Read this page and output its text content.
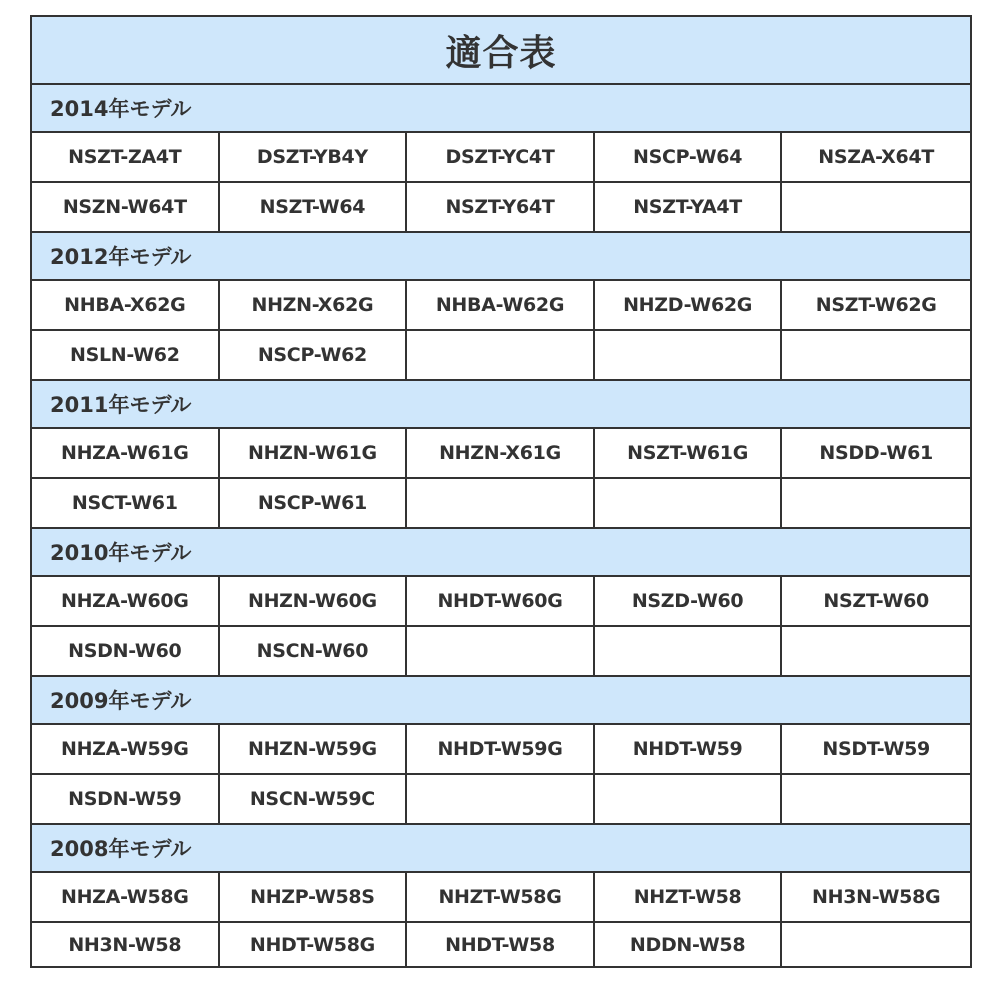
適合表
2014年モデル
NSZT-ZA4T	DSZT-YB4Y	DSZT-YC4T	NSCP-W64	NSZA-X64T
NSZN-W64T	NSZT-W64	NSZT-Y64T	NSZT-YA4T
2012年モデル
NHBA-X62G	NHZN-X62G	NHBA-W62G	NHZD-W62G	NSZT-W62G
NSLN-W62	NSCP-W62
2011年モデル
NHZA-W61G	NHZN-W61G	NHZN-X61G	NSZT-W61G	NSDD-W61
NSCT-W61	NSCP-W61
2010年モデル
NHZA-W60G	NHZN-W60G	NHDT-W60G	NSZD-W60	NSZT-W60
NSDN-W60	NSCN-W60
2009年モデル
NHZA-W59G	NHZN-W59G	NHDT-W59G	NHDT-W59	NSDT-W59
NSDN-W59	NSCN-W59C
2008年モデル
NHZA-W58G	NHZP-W58S	NHZT-W58G	NHZT-W58	NH3N-W58G
NH3N-W58	NHDT-W58G	NHDT-W58	NDDN-W58
